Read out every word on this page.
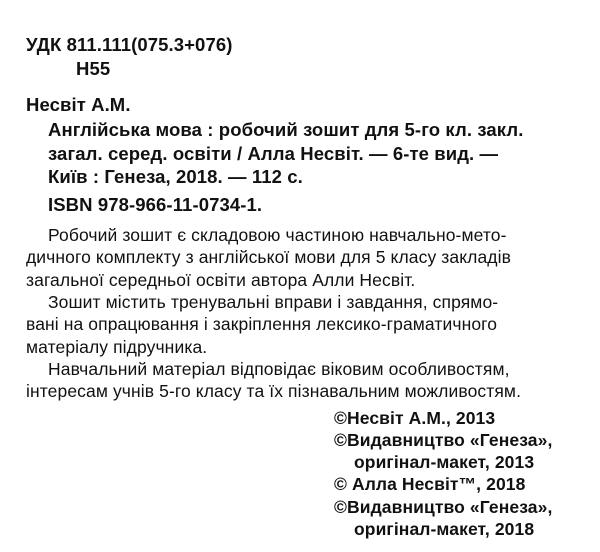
УДК 811.111(075.3+076)
Н55
Несвіт А.М.
Англійська мова : робочий зошит для 5-го кл. закл.
загал. серед. освіти / Алла Несвіт. — 6-те вид. —
Київ : Генеза, 2018. — 112 с.
ISBN 978-966-11-0734-1.
Робочий зошит є складовою частиною навчально-мето-
дичного комплекту з англійської мови для 5 класу закладів
загальної середньої освіти автора Алли Несвіт.
Зошит містить тренувальні вправи і завдання, спрямо-
вані на опрацювання і закріплення лексико-граматичного
матеріалу підручника.
Навчальний матеріал відповідає віковим особливостям,
інтересам учнів 5-го класу та їх пізнавальним можливостям.
©Несвіт А.М., 2013
©Видавництво «Генеза»,
оригінал-макет, 2013
© Алла Несвіт™, 2018
©Видавництво «Генеза»,
оригінал-макет, 2018
